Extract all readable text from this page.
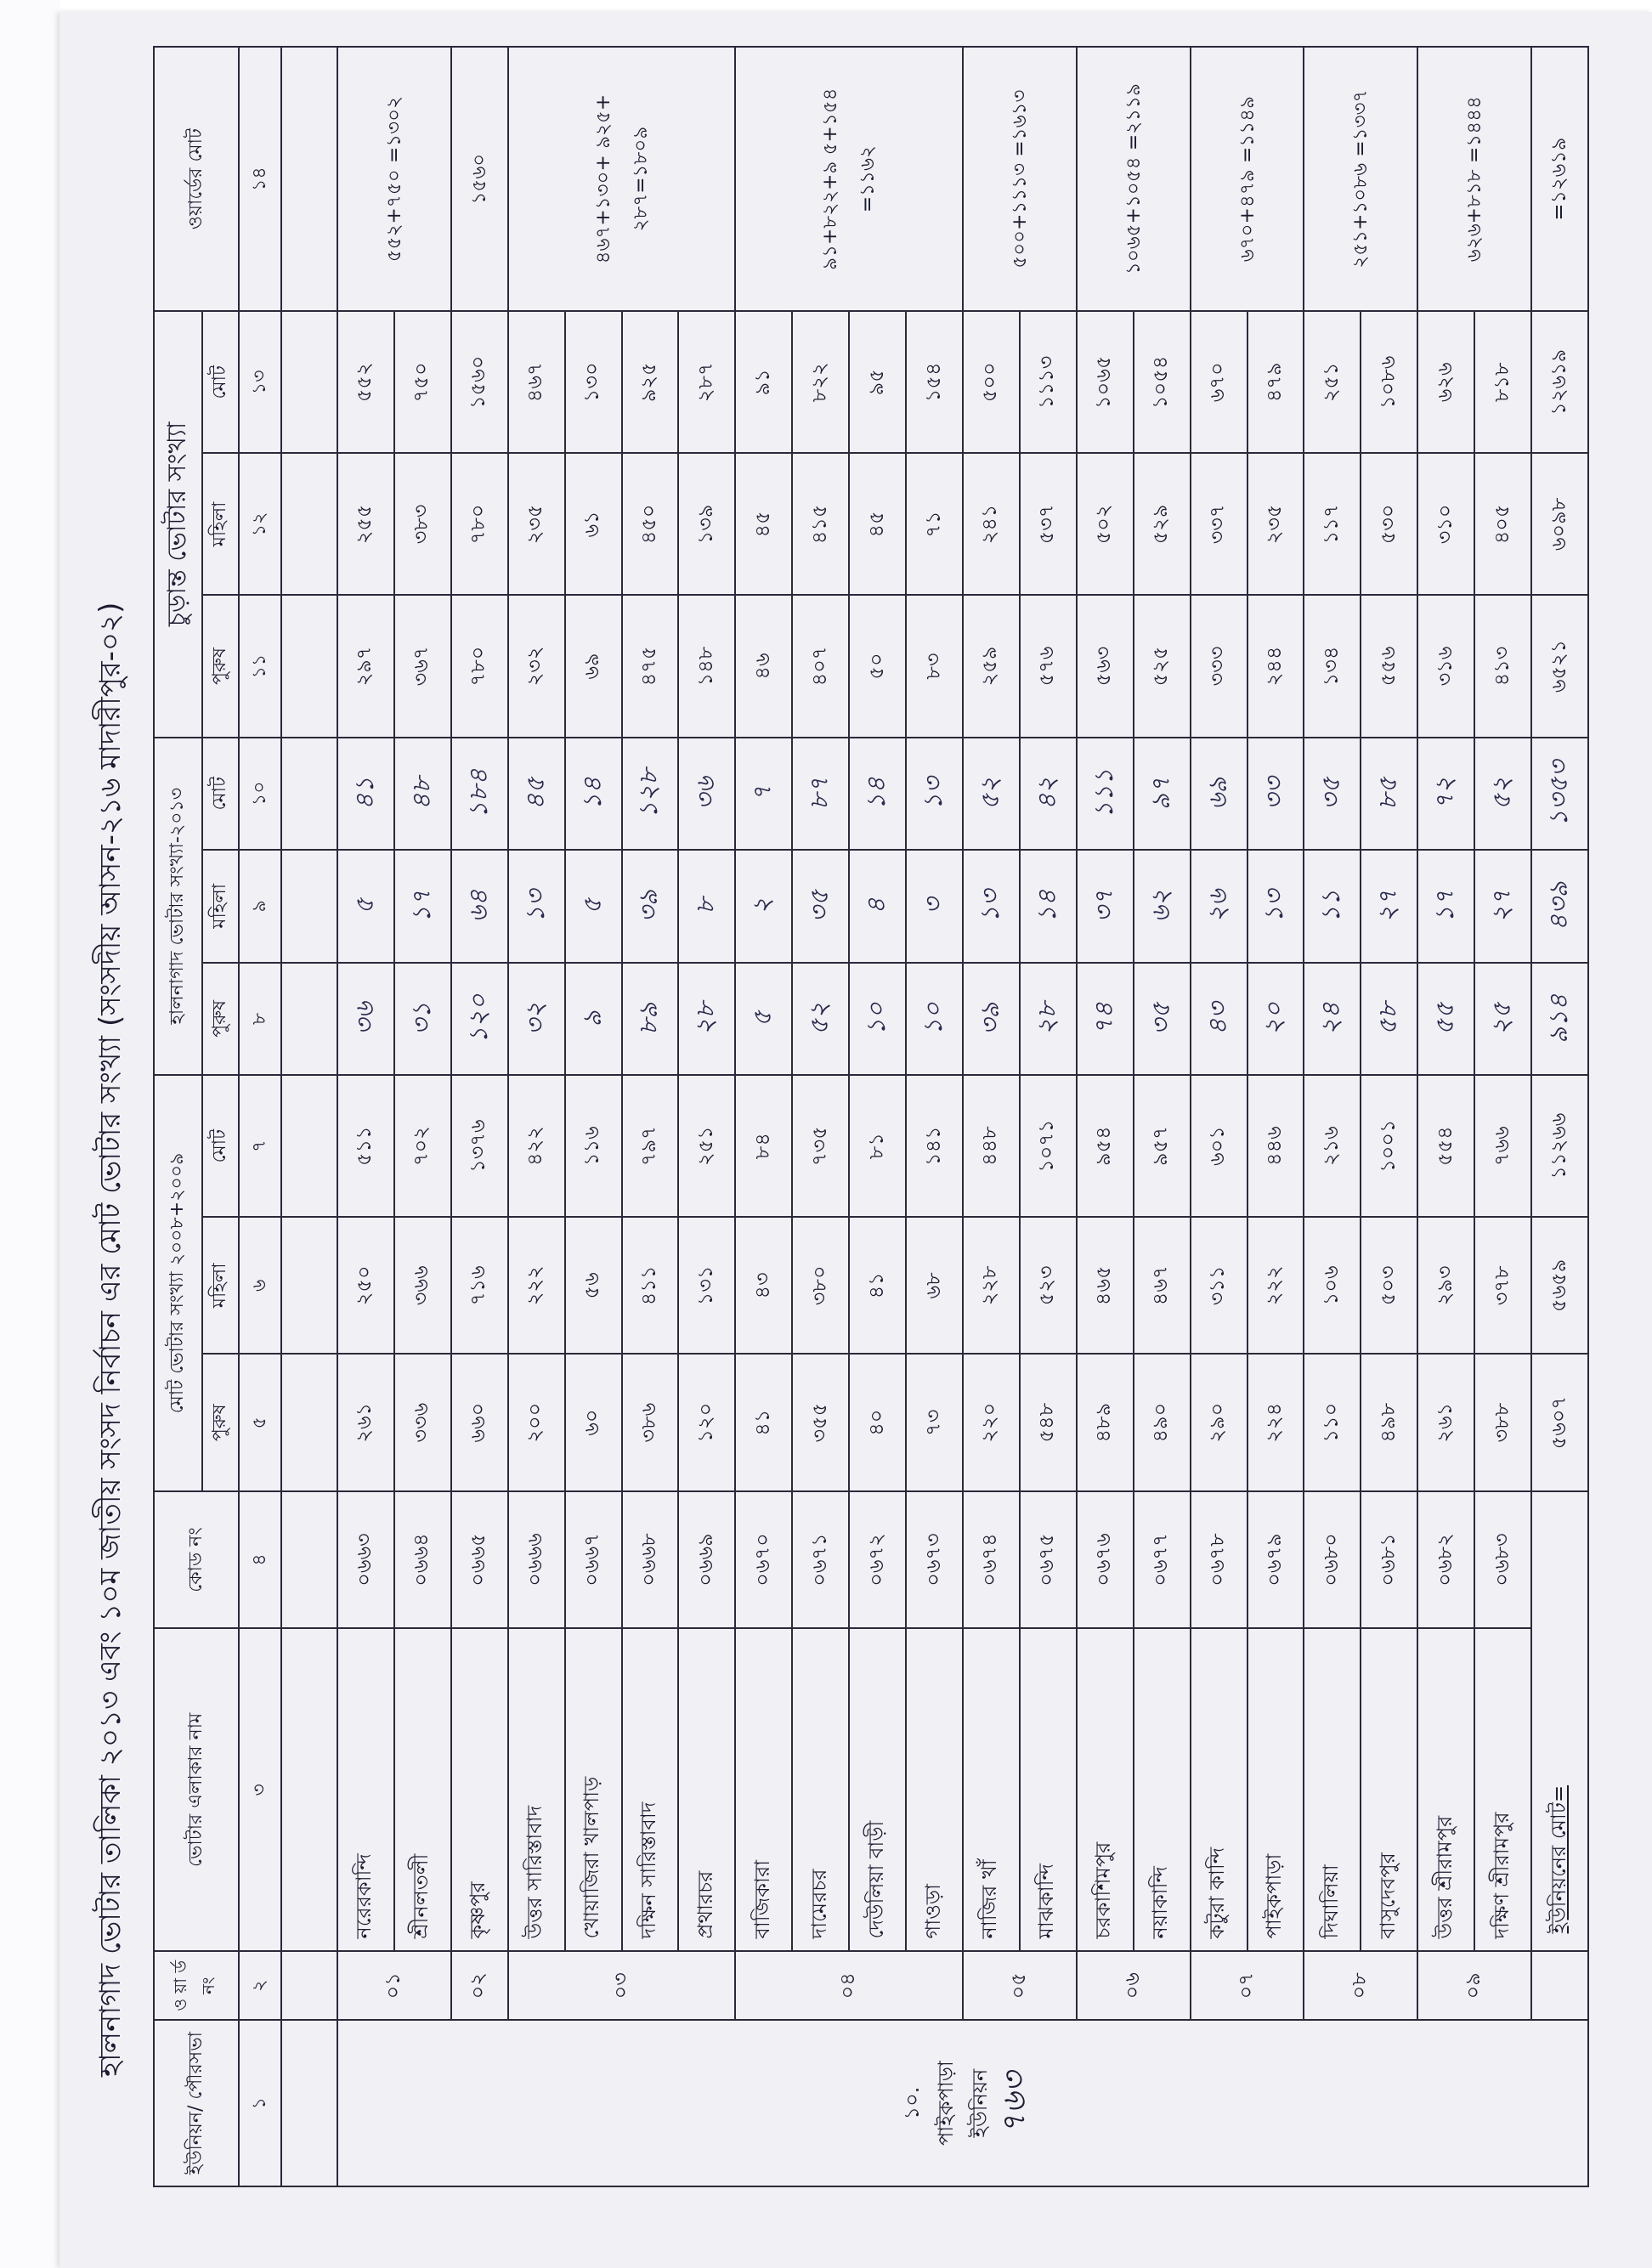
হালনাগাদ ভোটার তালিকা ২০১৩ এবং ১০ম জাতীয় সংসদ নির্বাচন এর মোট ভোটার সংখ্যা (সংসদীয় আসন-২১৬ মাদারীপুর-০২)
ইউনিয়ন/ পৌরসভা	ও য়া র্ড নং	ভোটার এলাকার নাম	কোড নং	মোট ভোটার সংখ্যা ২০০৮+২০০৯			হালনাগাদ ভোটার সংখ্যা-২০১৩			চুড়ান্ত ভোটার সংখ্যা			ওয়ার্ডের মোট
				পুরুষ	মহিলা	মোট	পুরুষ	মহিলা	মোট	পুরুষ	মহিলা	মোট	
১	২	৩	৪	৫	৬	৭	৮	৯	১০	১১	১২	১৩	১৪

১০. পাইকপাড়া ইউনিয়ন ৭৬৩	০১	নরেরকান্দি	০৬৬৩	২৬১	২৫০	৫১১	৩৬	৫	৪১	২৯৭	২৫৫	৫৫২	৫৫২+৭৫০ =১৩০২
		শ্রীনলতলী	০৬৬৪	৩৩৬	৩৬৬	৭০২	৩১	১৭	৪৮	৩৬৭	৩৮৩	৭৫০	
	০২	কৃষ্ণপুর	০৬৬৫	৬৬০	৭১৬	১৩৭৬	১২০	৬৪	১৮৪	৭৮০	৭৮০	১৫৬০	১৫৬০
	০৩	উত্তর সারিস্তাবাদ	০৬৬৬	২০০	২২২	৪২২	৩২	১৩	৪৫	২৩২	২৩৫	৪৬৭	৪৬৭+১৩০+ ৯২৫+ ২৮৭=১৮০৯
		খোয়াজিরা খালপাড়	০৬৬৭	৬০	৫৬	১১৬	৯	৫	১৪	৬৯	৬১	১৩০	
		দক্ষিন সারিস্তাবাদ	০৬৬৮	৩৮৬	৪১১	৭৯৭	৮৯	৩৯	১২৮	৪৭৫	৪৫০	৯২৫	
		প্রথারচর	০৬৬৯	১২০	১৩১	২৫১	২৮	৮	৩৬	১৪৮	১৩৯	২৮৭	
	০৪	বাজিকারা	০৬৭০	৪১	৪৩	৮৪	৫	২	৭	৪৬	৪৫	৯১	৯১+৮২২+৯ ৫+১৫৪ =১১৬২
		দামেরচর	০৬৭১	৩৫৫	৩৮০	৭৩৫	৫২	৩৫	৮৭	৪০৭	৪১৫	৮২২	
		দেউলিয়া বাড়ী	০৬৭২	৪০	৪১	৮১	১০	৪	১৪	৫০	৪৫	৯৫	
		গাওড়া	০৬৭৩	৭৩	৬৮	১৪১	১০	৩	১৩	৮৩	৭১	১৫৪	
	০৫	নাজির খাঁ	০৬৭৪	২২০	২২৮	৪৪৮	৩৯	১৩	৫২	২৫৯	২৪১	৫০০	৫০০+১১১৩ =১৬১৩
		মাঝকান্দি	০৬৭৫	৫৪৮	৫২৩	১০৭১	২৮	১৪	৪২	৫৭৬	৫৩৭	১১১৩	
	০৬	চরকাশিমপুর	০৬৭৬	৪৮৯	৪৬৫	৯৫৪	৭৪	৩৭	১১১	৫৬৩	৫০২	১০৬৫	১০৬৫+১০৫৪ =২১১৯
		নয়াকান্দি	০৬৭৭	৪৯০	৪৬৭	৯৫৭	৩৫	৬২	৯৭	৫২৫	৫২৯	১০৫৪	
	০৭	কটুরা কান্দি	০৬৭৮	২৯০	৩১১	৬০১	৪৩	২৬	৬৯	৩৩৩	৩৩৭	৬৭০	৬৭০+৪৭৯ =১১৪৯
		পাইকপাড়া	০৬৭৯	২২৪	২২২	৪৪৬	২০	১৩	৩৩	২৪৪	২৩৫	৪৭৯	
	০৮	দিঘালিয়া	০৬৮০	১১০	১০৬	২১৬	২৪	১১	৩৫	১৩৪	১১৭	২৫১	২৫১+১০৮৬ =১৩৩৭
		বাসুদেবপুর	০৬৮১	৪৯৮	৫০৩	১০০১	৫৮	২৭	৮৫	৫৫৬	৫৩০	১০৮৬	
	০৯	উত্তর শ্রীরামপুর	০৬৮২	২৬১	২৯৩	৫৫৪	৫৫	১৭	৭২	৩১৬	৩১০	৬২৬	৬২৬+৮১৮ =১৪৪৪
		দক্ষিণ শ্রীরামপুর	০৬৮৩	৩৮৮	৩৭৮	৭৬৬	২৫	২৭	৫২	৪১৩	৪০৫	৮১৮	
		ইউনিয়নের মোট=		৫৬০৭	৫৬৫৯	১১২৬৬	৯১৪	৪৩৯	১৩৫৩	৬৫২১	৬০৯৮	১২৬১৯	=১২৬১৯
